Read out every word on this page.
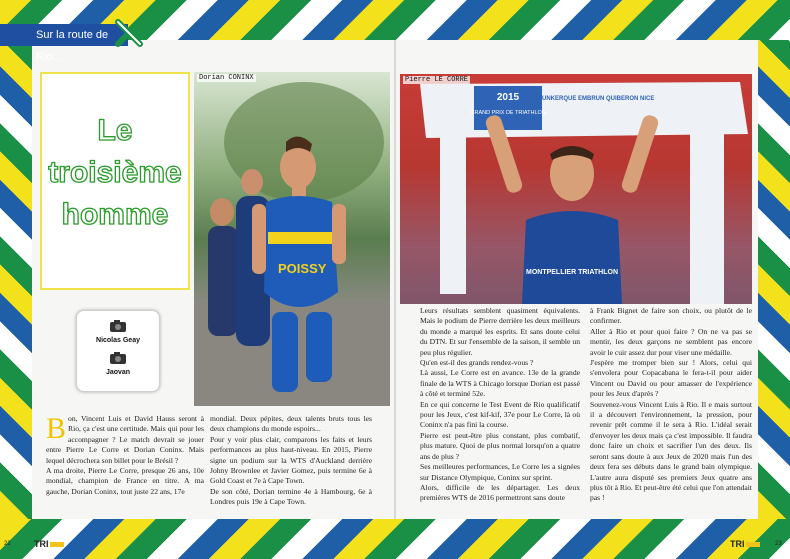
Sur la route de Rio...
Le
troisième
homme
POISSY
Dorian CONINX
2015
GRAND PRIX DE TRIATHLON
DUNKERQUE EMBRUN QUIBERON NICE
MONTPELLIER TRIATHLON
Pierre LE CORRE
Nicolas Geay
Jaovan
B on, Vincent Luis et David Hauss seront à Rio, ça c'est une certitude. Mais qui pour les accompagner ? Le match devrait se jouer entre Pierre Le Corre et Dorian Coninx. Mais lequel décrochera son billet pour le Brésil ?

A ma droite, Pierre Le Corre, presque 26 ans, 10e mondial, champion de France en titre. A ma gauche, Dorian Coninx, tout juste 22 ans, 17e

mondial. Deux pépites, deux talents bruts tous les deux champions du monde espoirs...

Pour y voir plus clair, comparons les faits et leurs performances au plus haut-niveau. En 2015, Pierre signe un podium sur la WTS d'Auckland derrière Johny Brownlee et Javier Gomez, puis termine 6e à Gold Coast et 7e à Cape Town.

De son côté, Dorian termine 4e à Hambourg, 6e à Londres puis 19e à Cape Town.

Leurs résultats semblent quasiment équivalents. Mais le podium de Pierre derrière les deux meilleurs du monde a marqué les esprits. Et sans doute celui du DTN. Et sur l'ensemble de la saison, il semble un peu plus régulier.

Qu'en est-il des grands rendez-vous ?

Là aussi, Le Corre est en avance. 13e de la grande finale de la WTS à Chicago lorsque Dorian est passé à côté et terminé 52e.

En ce qui concerne le Test Event de Rio qualificatif pour les Jeux, c'est kif-kif, 37e pour Le Corre, là où Coninx n'a pas fini la course.

Pierre est peut-être plus constant, plus combatif, plus mature. Quoi de plus normal lorsqu'on a quatre ans de plus ?

Ses meilleures performances, Le Corre les a signées sur Distance Olympique, Coninx sur sprint.

Alors, difficile de les départager. Les deux premières WTS de 2016 permettront sans doute

à Frank Bignet de faire son choix, ou plutôt de le confirmer.

Aller à Rio et pour quoi faire ? On ne va pas se mentir, les deux garçons ne semblent pas encore avoir le cuir assez dur pour viser une médaille.

J'espère me tromper bien sur ! Alors, celui qui s'envolera pour Copacabana le fera-t-il pour aider Vincent ou David ou pour amasser de l'expérience pour les Jeux d'après ?

Souvenez-vous Vincent Luis à Rio. Il e mais surtout il a découvert l'environnement, la pression, pour revenir prêt comme il le sera à Rio. L'idéal serait d'envoyer les deux mais ça c'est impossible. Il faudra donc faire un choix et sacrifier l'un des deux. Ils seront sans doute à aux Jeux de 2020 mais l'un des deux fera ses débuts dans le grand bain olympique. L'autre aura disputé ses premiers Jeux quatre ans plus tôt à Rio. Et peut-être été celui que l'on attendait pas !

22	TRI	TRI	23
